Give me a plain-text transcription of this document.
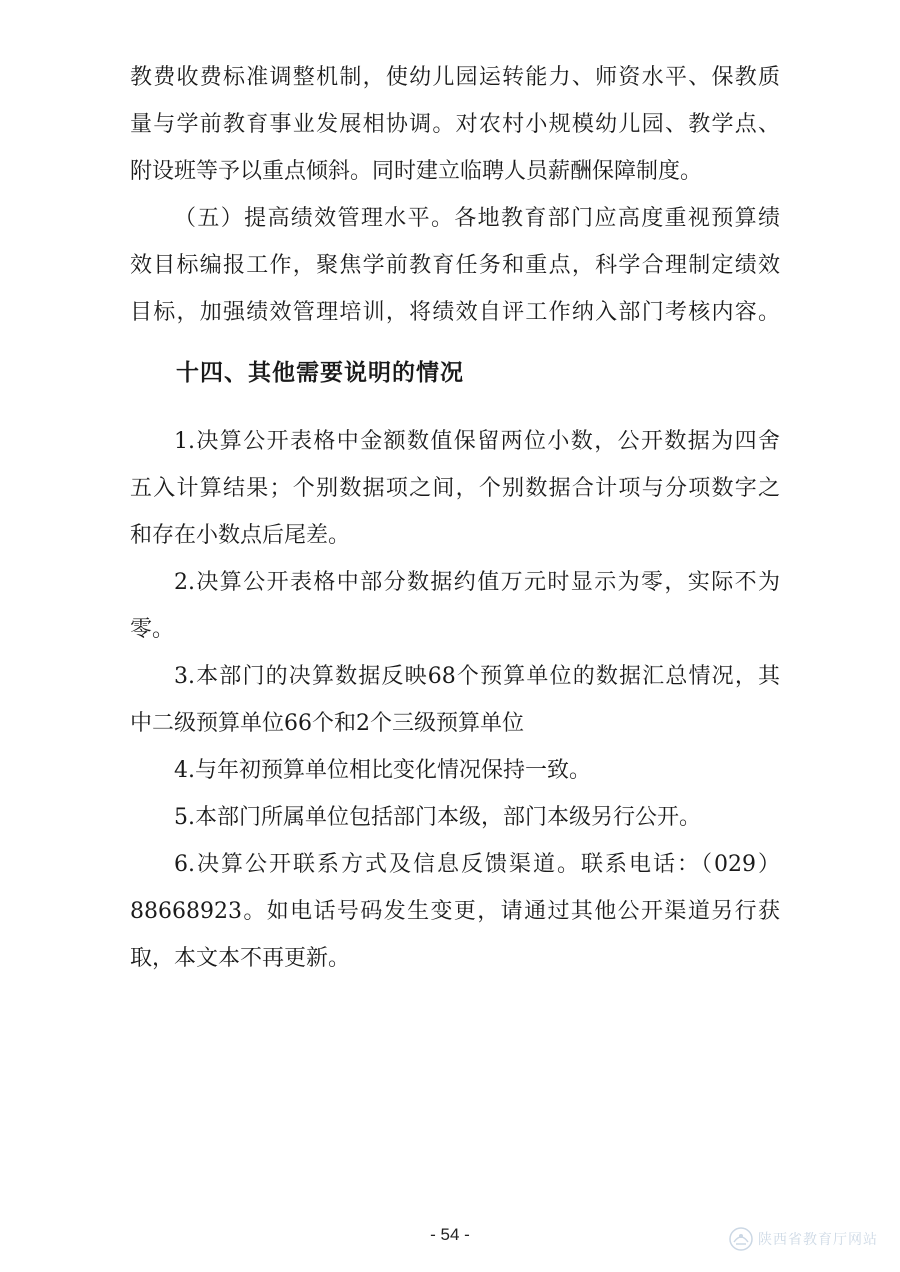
教费收费标准调整机制，使幼儿园运转能力、师资水平、保教质
量与学前教育事业发展相协调。对农村小规模幼儿园、教学点、
附设班等予以重点倾斜。同时建立临聘人员薪酬保障制度。
（五）提高绩效管理水平。各地教育部门应高度重视预算绩
效目标编报工作，聚焦学前教育任务和重点，科学合理制定绩效
目标，加强绩效管理培训，将绩效自评工作纳入部门考核内容。
十四、其他需要说明的情况
1.决算公开表格中金额数值保留两位小数，公开数据为四舍
五入计算结果；个别数据项之间，个别数据合计项与分项数字之
和存在小数点后尾差。
2.决算公开表格中部分数据约值万元时显示为零，实际不为
零。
3.本部门的决算数据反映68个预算单位的数据汇总情况，其
中二级预算单位66个和2个三级预算单位
4.与年初预算单位相比变化情况保持一致。
5.本部门所属单位包括部门本级，部门本级另行公开。
6.决算公开联系方式及信息反馈渠道。联系电话：（029）
88668923。如电话号码发生变更，请通过其他公开渠道另行获
取，本文本不再更新。
- 54 -	陕西省教育厅网站
